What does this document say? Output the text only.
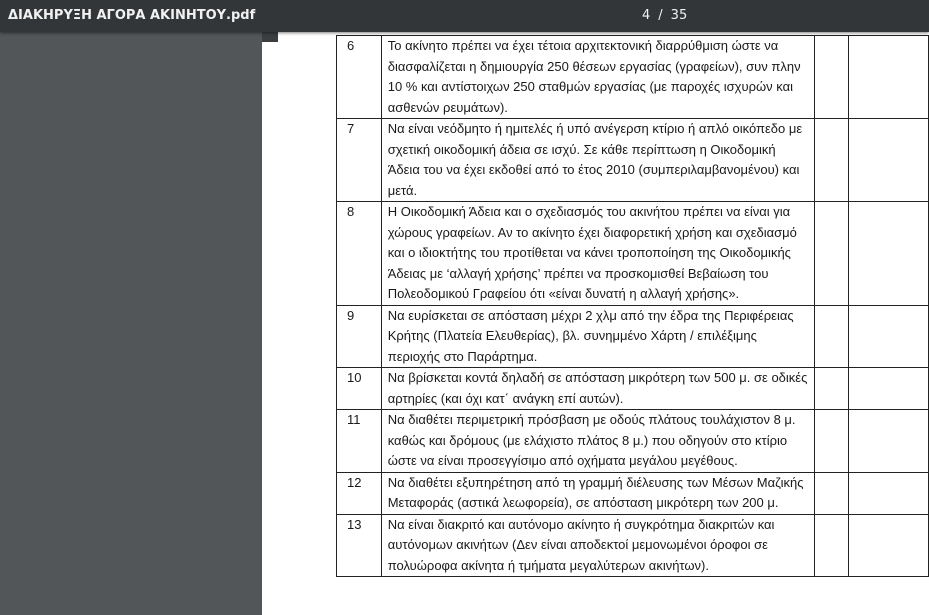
ΔΙΑΚΗΡΥΞΗ ΑΓΟΡΑ ΑΚΙΝΗΤΟΥ.pdf	4 / 35
6	Το ακίνητο πρέπει να έχει τέτοια αρχιτεκτονική διαρρύθμιση ώστε να διασφαλίζεται η δημιουργία 250 θέσεων εργασίας (γραφείων), συν πλην 10 % και αντίστοιχων 250 σταθμών εργασίας (με παροχές ισχυρών και ασθενών ρευμάτων).		
7	Να είναι νεόδμητο ή ημιτελές ή υπό ανέγερση κτίριο ή απλό οικόπεδο με σχετική οικοδομική άδεια σε ισχύ. Σε κάθε περίπτωση η Οικοδομική Άδεια του να έχει εκδοθεί από το έτος 2010 (συμπεριλαμβανομένου) και μετά.		
8	Η Οικοδομική Άδεια και ο σχεδιασμός του ακινήτου πρέπει να είναι για χώρους γραφείων. Αν το ακίνητο έχει διαφορετική χρήση και σχεδιασμό και ο ιδιοκτήτης του προτίθεται να κάνει τροποποίηση της Οικοδομικής Άδειας με ‘αλλαγή χρήσης’ πρέπει να προσκομισθεί Βεβαίωση του Πολεοδομικού Γραφείου ότι «είναι δυνατή η αλλαγή χρήσης».		
9	Να ευρίσκεται σε απόσταση μέχρι 2 χλμ από την έδρα της Περιφέρειας Κρήτης (Πλατεία Ελευθερίας), βλ. συνημμένο Χάρτη / επιλέξιμης περιοχής στο Παράρτημα.		
10	Να βρίσκεται κοντά δηλαδή σε απόσταση μικρότερη των 500 μ. σε οδικές αρτηρίες (και όχι κατ΄ ανάγκη επί αυτών).		
11	Να διαθέτει περιμετρική πρόσβαση με οδούς πλάτους τουλάχιστον 8 μ. καθώς και δρόμους (με ελάχιστο πλάτος 8 μ.) που οδηγούν στο κτίριο ώστε να είναι προσεγγίσιμο από οχήματα μεγάλου μεγέθους.		
12	Να διαθέτει εξυπηρέτηση από τη γραμμή διέλευσης των Μέσων Μαζικής Μεταφοράς (αστικά λεωφορεία), σε απόσταση μικρότερη των 200 μ.		
13	Να είναι διακριτό και αυτόνομο ακίνητο ή συγκρότημα διακριτών και αυτόνομων ακινήτων (Δεν είναι αποδεκτοί μεμονωμένοι όροφοι σε πολυώροφα ακίνητα ή τμήματα μεγαλύτερων ακινήτων).		
